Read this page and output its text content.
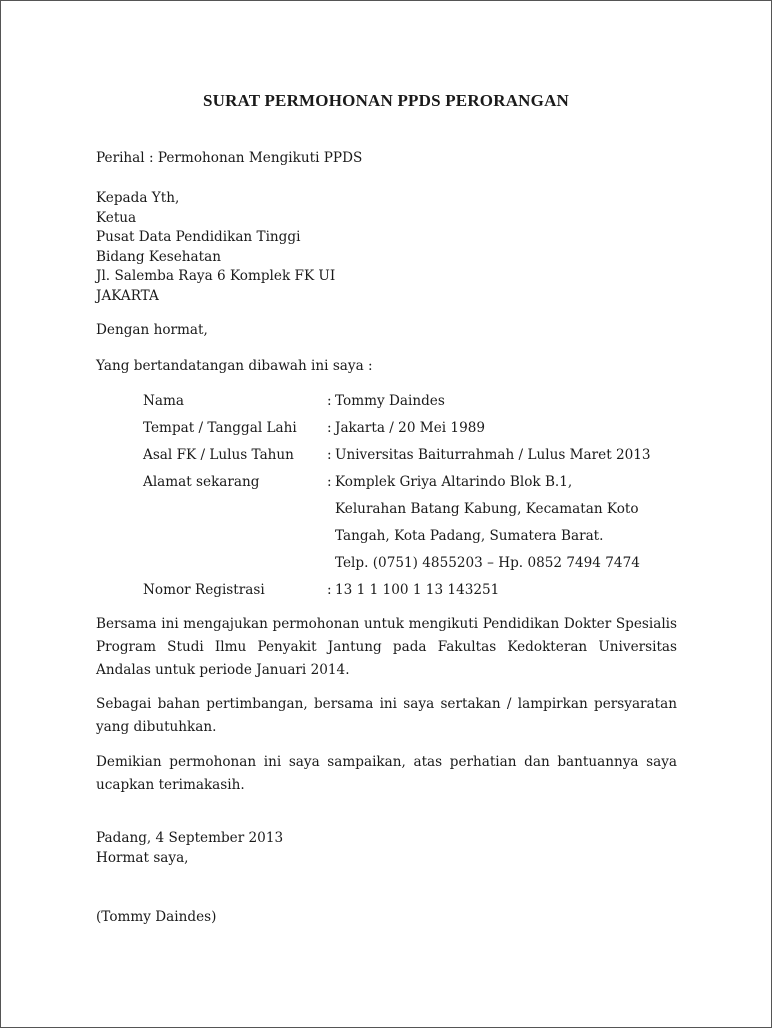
SURAT PERMOHONAN PPDS PERORANGAN
Perihal : Permohonan Mengikuti PPDS
Kepada Yth,
Ketua
Pusat Data Pendidikan Tinggi
Bidang Kesehatan
Jl. Salemba Raya 6 Komplek FK UI
JAKARTA
Dengan hormat,
Yang bertandatangan dibawah ini saya :
Nama	: Tommy Daindes
Tempat / Tanggal Lahi : Jakarta / 20 Mei 1989
Asal FK / Lulus Tahun : Universitas Baiturrahmah / Lulus Maret 2013
Alamat sekarang	: Komplek Griya Altarindo Blok B.1,
Kelurahan Batang Kabung, Kecamatan Koto
Tangah, Kota Padang, Sumatera Barat.
Telp. (0751) 4855203 – Hp. 0852 7494 7474
Nomor Registrasi	: 13 1 1 100 1 13 143251
Bersama ini mengajukan permohonan untuk mengikuti Pendidikan Dokter Spesialis Program Studi Ilmu Penyakit Jantung pada Fakultas Kedokteran Universitas Andalas untuk periode Januari 2014.
Sebagai bahan pertimbangan, bersama ini saya sertakan / lampirkan persyaratan yang dibutuhkan.
Demikian permohonan ini saya sampaikan, atas perhatian dan bantuannya saya ucapkan terimakasih.
Padang, 4 September 2013
Hormat saya,
(Tommy Daindes)
